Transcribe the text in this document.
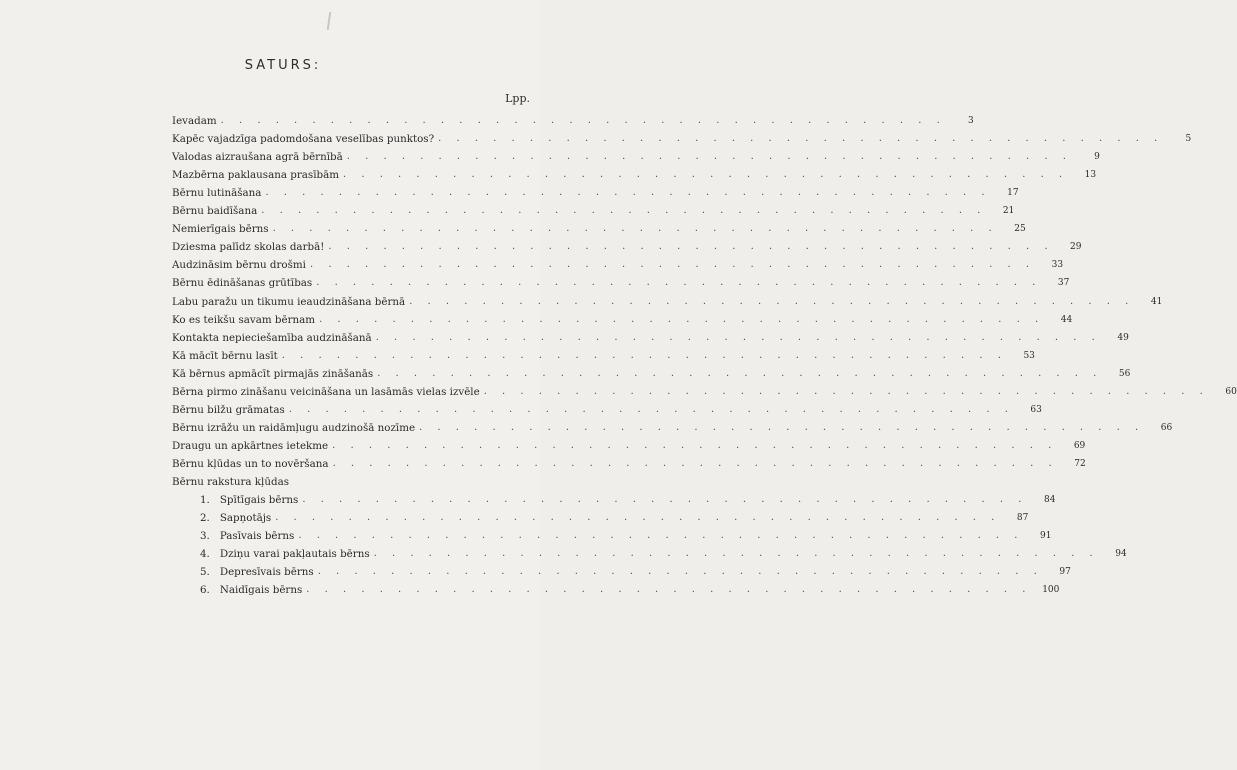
SATURS:
Lpp.
Ievadam . . . . . . . . . . . . . . . . . . . . . . . . . . . . . . . . . . . . . . . .	3
Kapēc vajadzīga padomdošana veselības punktos? . . . . . . . . . . . . . . . . . . . . . . . . . . . . . . . . . . . . . . . .	5
Valodas aizraušana agrā bērnībā . . . . . . . . . . . . . . . . . . . . . . . . . . . . . . . . . . . . . . . .	9
Mazbērna paklausana prasībām . . . . . . . . . . . . . . . . . . . . . . . . . . . . . . . . . . . . . . . .	13
Bērnu lutināšana . . . . . . . . . . . . . . . . . . . . . . . . . . . . . . . . . . . . . . . .	17
Bērnu baidīšana . . . . . . . . . . . . . . . . . . . . . . . . . . . . . . . . . . . . . . . .	21
Nemierīgais bērns . . . . . . . . . . . . . . . . . . . . . . . . . . . . . . . . . . . . . . . .	25
Dziesma palīdz skolas darbā! . . . . . . . . . . . . . . . . . . . . . . . . . . . . . . . . . . . . . . . .	29
Audzināsim bērnu drošmi . . . . . . . . . . . . . . . . . . . . . . . . . . . . . . . . . . . . . . . .	33
Bērnu ēdināšanas grūtības . . . . . . . . . . . . . . . . . . . . . . . . . . . . . . . . . . . . . . . .	37
Labu paražu un tikumu ieaudzināšana bērnā . . . . . . . . . . . . . . . . . . . . . . . . . . . . . . . . . . . . . . . .	41
Ko es teikšu savam bērnam . . . . . . . . . . . . . . . . . . . . . . . . . . . . . . . . . . . . . . . .	44
Kontakta nepieciešamība audzināšanā . . . . . . . . . . . . . . . . . . . . . . . . . . . . . . . . . . . . . . . .	49
Kā mācīt bērnu lasīt . . . . . . . . . . . . . . . . . . . . . . . . . . . . . . . . . . . . . . . .	53
Kā bērnus apmācīt pirmajās zināšanās . . . . . . . . . . . . . . . . . . . . . . . . . . . . . . . . . . . . . . . .	56
Bērna pirmo zināšanu veicināšana un lasāmās vielas izvēle . . . . . . . . . . . . . . . . . . . . . . . . . . . . . . . . . . . . . . . .	60
Bērnu bilžu grāmatas . . . . . . . . . . . . . . . . . . . . . . . . . . . . . . . . . . . . . . . .	63
Bērnu izrāžu un raidāmļugu audzinošā nozīme . . . . . . . . . . . . . . . . . . . . . . . . . . . . . . . . . . . . . . . .	66
Draugu un apkārtnes ietekme . . . . . . . . . . . . . . . . . . . . . . . . . . . . . . . . . . . . . . . .	69
Bērnu kļūdas un to novēršana . . . . . . . . . . . . . . . . . . . . . . . . . . . . . . . . . . . . . . . .	72
Bērnu rakstura kļūdas
1. Spītīgais bērns . . . . . . . . . . . . . . . . . . . . . . . . . . . . . . . . . . . . . . . .	84
2. Sapņotājs . . . . . . . . . . . . . . . . . . . . . . . . . . . . . . . . . . . . . . . .	87
3. Pasīvais bērns . . . . . . . . . . . . . . . . . . . . . . . . . . . . . . . . . . . . . . . .	91
4. Dziņu varai pakļautais bērns . . . . . . . . . . . . . . . . . . . . . . . . . . . . . . . . . . . . . . . .	94
5. Depresīvais bērns . . . . . . . . . . . . . . . . . . . . . . . . . . . . . . . . . . . . . . . .	97
6. Naidīgais bērns . . . . . . . . . . . . . . . . . . . . . . . . . . . . . . . . . . . . . . . .	100
